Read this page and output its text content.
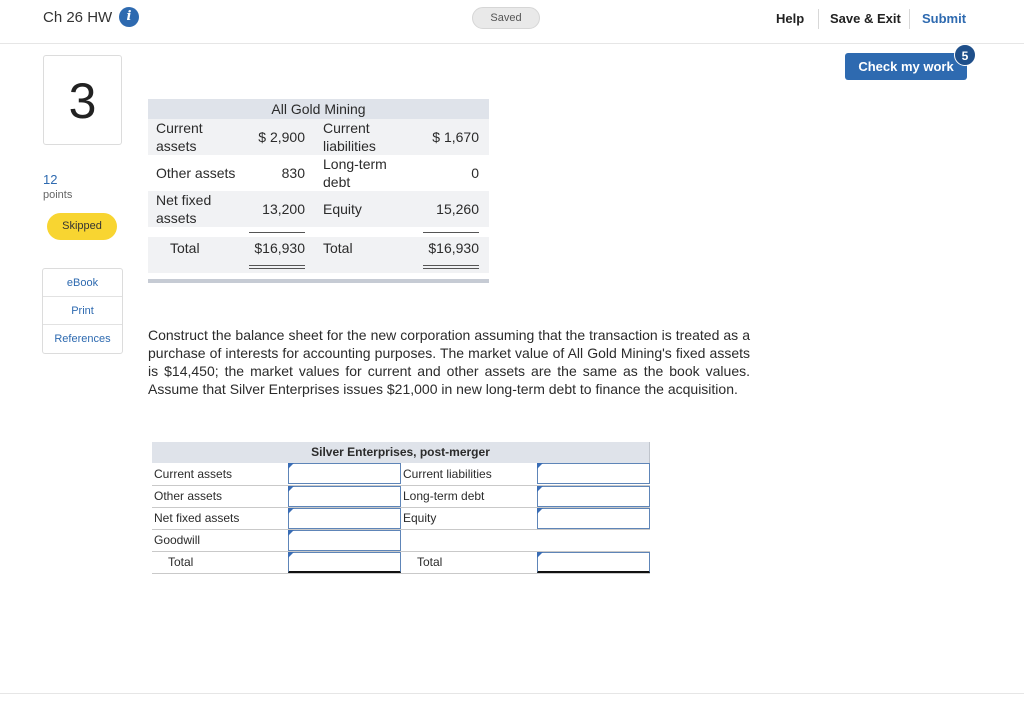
Ch 26 HW	i	Saved	Help Save & Exit Submit
Check my work
5
3
12
points
Skipped
eBook
Print
References
All Gold Mining
Current assets	$ 2,900	Current liabilities	$ 1,670
Other assets	830	Long-term debt	0
Net fixed assets	13,200	Equity	15,260

Total	$16,930	Total	$16,930

Construct the balance sheet for the new corporation assuming that the transaction is treated as a purchase of interests for accounting purposes. The market value of All Gold Mining's fixed assets is $14,450; the market values for current and other assets are the same as the book values. Assume that Silver Enterprises issues $21,000 in new long-term debt to finance the acquisition.

Silver Enterprises, post-merger
Current assets		Current liabilities	

Other assets		Long-term debt	

Net fixed assets		Equity	

Goodwill	

Total		Total	
